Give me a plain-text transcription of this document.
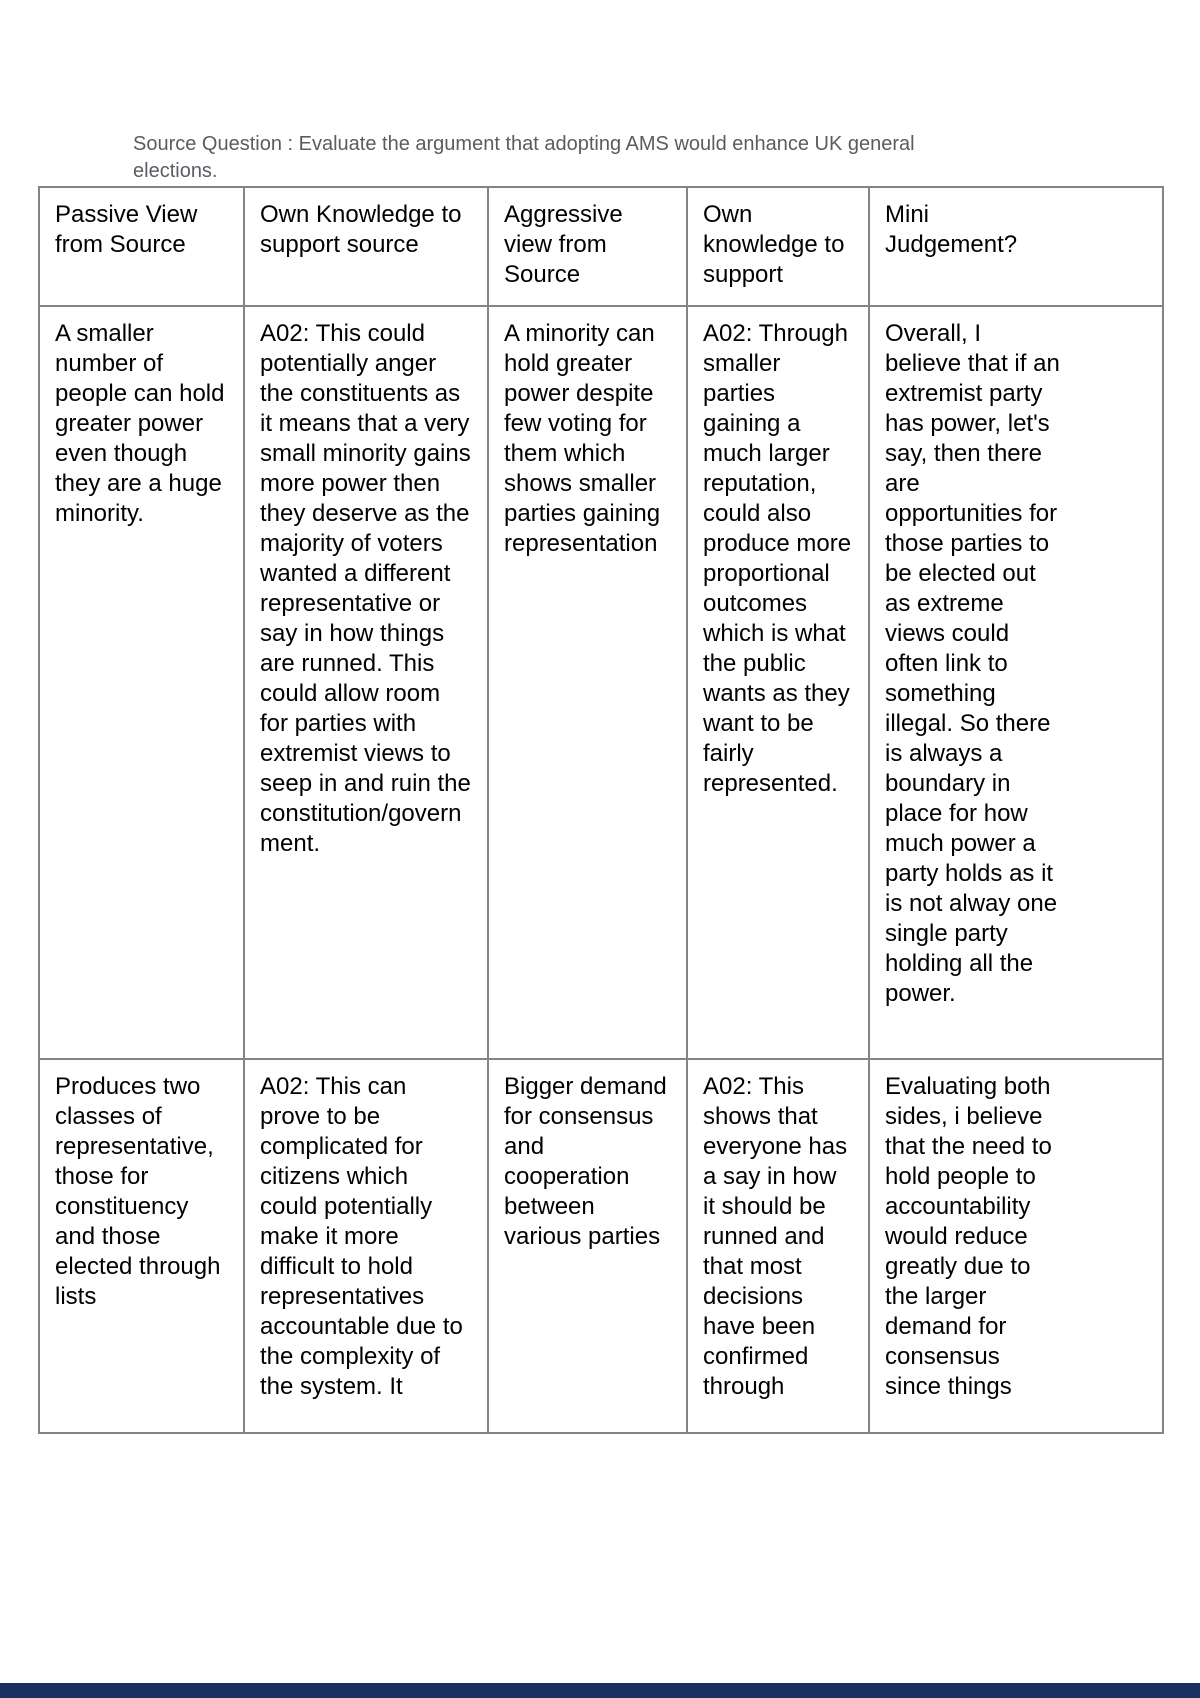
Source Question : Evaluate the argument that adopting AMS would enhance UK general elections.

Passive View from Source	Own Knowledge to support source	Aggressive view from Source	Own knowledge to support	Mini Judgement?
A smaller number of people can hold greater power even though they are a huge minority.	A02: This could potentially anger the constituents as it means that a very small minority gains more power then they deserve as the majority of voters wanted a different representative or say in how things are runned. This could allow room for parties with extremist views to seep in and ruin the constitution/government.	A minority can hold greater power despite few voting for them which shows smaller parties gaining representation	A02: Through smaller parties gaining a much larger reputation, could also produce more proportional outcomes which is what the public wants as they want to be fairly represented.	Overall, I believe that if an extremist party has power, let's say, then there are opportunities for those parties to be elected out as extreme views could often link to something illegal. So there is always a boundary in place for how much power a party holds as it is not alway one single party holding all the power.
Produces two classes of representative, those for constituency and those elected through lists	A02: This can prove to be complicated for citizens which could potentially make it more difficult to hold representatives accountable due to the complexity of the system. It	Bigger demand for consensus and cooperation between various parties	A02: This shows that everyone has a say in how it should be runned and that most decisions have been confirmed through	Evaluating both sides, i believe that the need to hold people to accountability would reduce greatly due to the larger demand for consensus since things
